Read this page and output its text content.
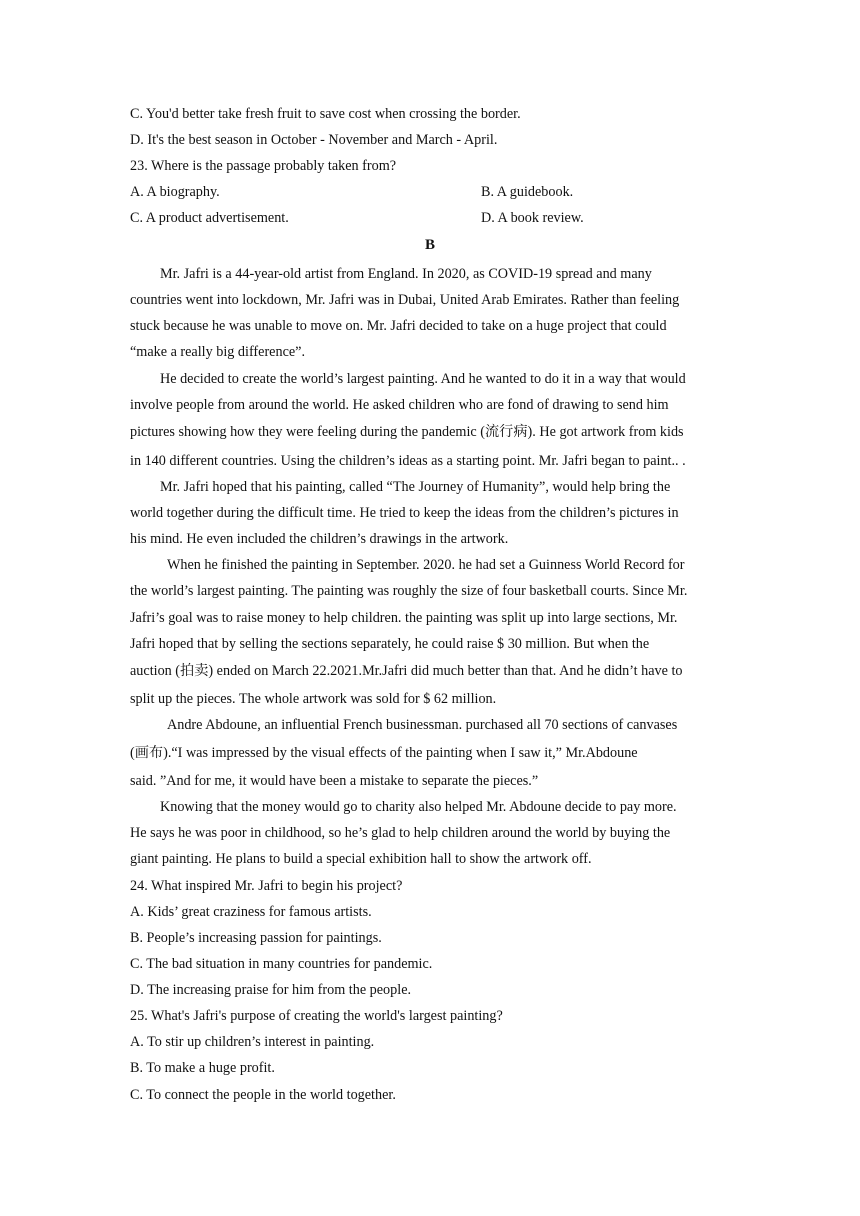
C. You'd better take fresh fruit to save cost when crossing the border.
D. It's the best season in October - November and March - April.
23. Where is the passage probably taken from?
A. A biography.	B. A guidebook.
C. A product advertisement.	D. A book review.
B
Mr. Jafri is a 44-year-old artist from England. In 2020, as COVID-19 spread and many
countries went into lockdown, Mr. Jafri was in Dubai, United Arab Emirates. Rather than feeling
stuck because he was unable to move on. Mr. Jafri decided to take on a huge project that could
“make a really big difference”.
He decided to create the world’s largest painting. And he wanted to do it in a way that would
involve people from around the world. He asked children who are fond of drawing to send him
pictures showing how they were feeling during the pandemic (流行病). He got artwork from kids
in 140 different countries. Using the children’s ideas as a starting point. Mr. Jafri began to paint.. .
Mr. Jafri hoped that his painting, called “The Journey of Humanity”, would help bring the
world together during the difficult time. He tried to keep the ideas from the children’s pictures in
his mind. He even included the children’s drawings in the artwork.
When he finished the painting in September. 2020. he had set a Guinness World Record for
the world’s largest painting. The painting was roughly the size of four basketball courts. Since Mr.
Jafri’s goal was to raise money to help children. the painting was split up into large sections, Mr.
Jafri hoped that by selling the sections separately, he could raise $ 30 million. But when the
auction (拍卖) ended on March 22.2021.Mr.Jafri did much better than that. And he didn’t have to
split up the pieces. The whole artwork was sold for $ 62 million.
Andre Abdoune, an influential French businessman. purchased all 70 sections of canvases
(画布).“I was impressed by the visual effects of the painting when I saw it,” Mr.Abdoune
said. ”And for me, it would have been a mistake to separate the pieces.”
Knowing that the money would go to charity also helped Mr. Abdoune decide to pay more.
He says he was poor in childhood, so he’s glad to help children around the world by buying the
giant painting. He plans to build a special exhibition hall to show the artwork off.
24. What inspired Mr. Jafri to begin his project?
A. Kids’ great craziness for famous artists.
B. People’s increasing passion for paintings.
C. The bad situation in many countries for pandemic.
D. The increasing praise for him from the people.
25. What's Jafri's purpose of creating the world's largest painting?
A. To stir up children’s interest in painting.
B. To make a huge profit.
C. To connect the people in the world together.
